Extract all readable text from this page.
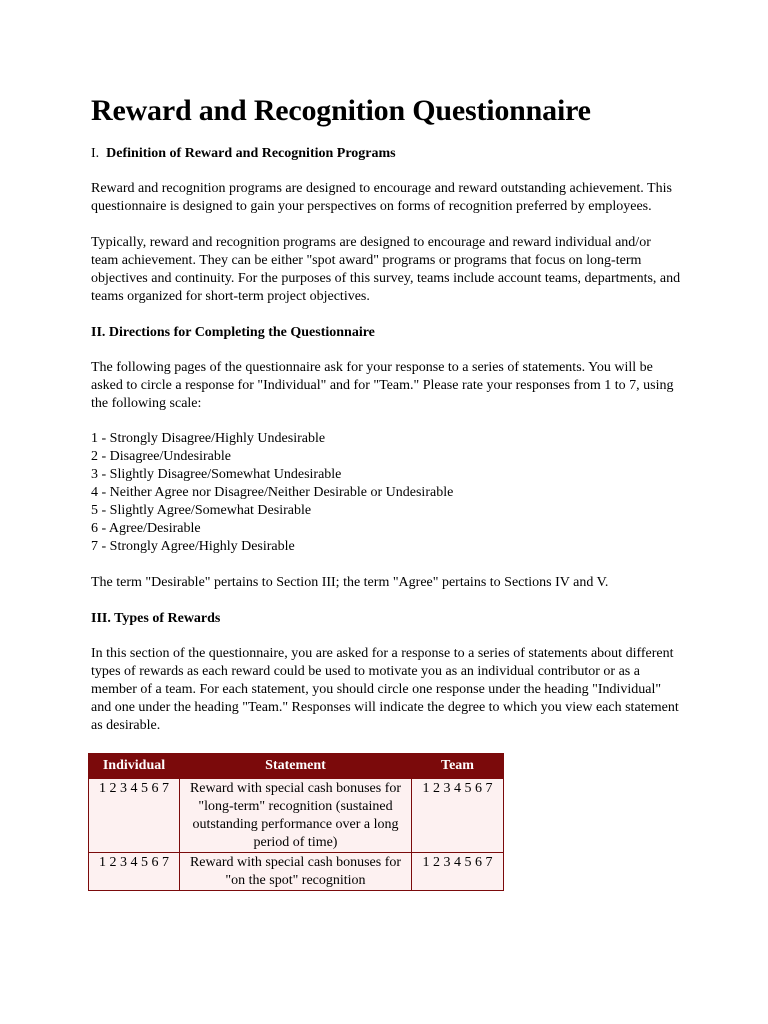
Reward and Recognition Questionnaire
I. Definition of Reward and Recognition Programs

Reward and recognition programs are designed to encourage and reward outstanding achievement. This questionnaire is designed to gain your perspectives on forms of recognition preferred by employees.

Typically, reward and recognition programs are designed to encourage and reward individual and/or team achievement. They can be either "spot award" programs or programs that focus on long-term objectives and continuity. For the purposes of this survey, teams include account teams, departments, and teams organized for short-term project objectives.

II. Directions for Completing the Questionnaire

The following pages of the questionnaire ask for your response to a series of statements. You will be asked to circle a response for "Individual" and for "Team." Please rate your responses from 1 to 7, using the following scale:

1 - Strongly Disagree/Highly Undesirable
2 - Disagree/Undesirable
3 - Slightly Disagree/Somewhat Undesirable
4 - Neither Agree nor Disagree/Neither Desirable or Undesirable
5 - Slightly Agree/Somewhat Desirable
6 - Agree/Desirable
7 - Strongly Agree/Highly Desirable

The term "Desirable" pertains to Section III; the term "Agree" pertains to Sections IV and V.

III. Types of Rewards

In this section of the questionnaire, you are asked for a response to a series of statements about different types of rewards as each reward could be used to motivate you as an individual contributor or as a member of a team. For each statement, you should circle one response under the heading "Individual" and one under the heading "Team." Responses will indicate the degree to which you view each statement as desirable.

Individual	Statement	Team
1 2 3 4 5 6 7	Reward with special cash bonuses for "long-term" recognition (sustained outstanding performance over a long period of time)	1 2 3 4 5 6 7
1 2 3 4 5 6 7	Reward with special cash bonuses for "on the spot" recognition	1 2 3 4 5 6 7
